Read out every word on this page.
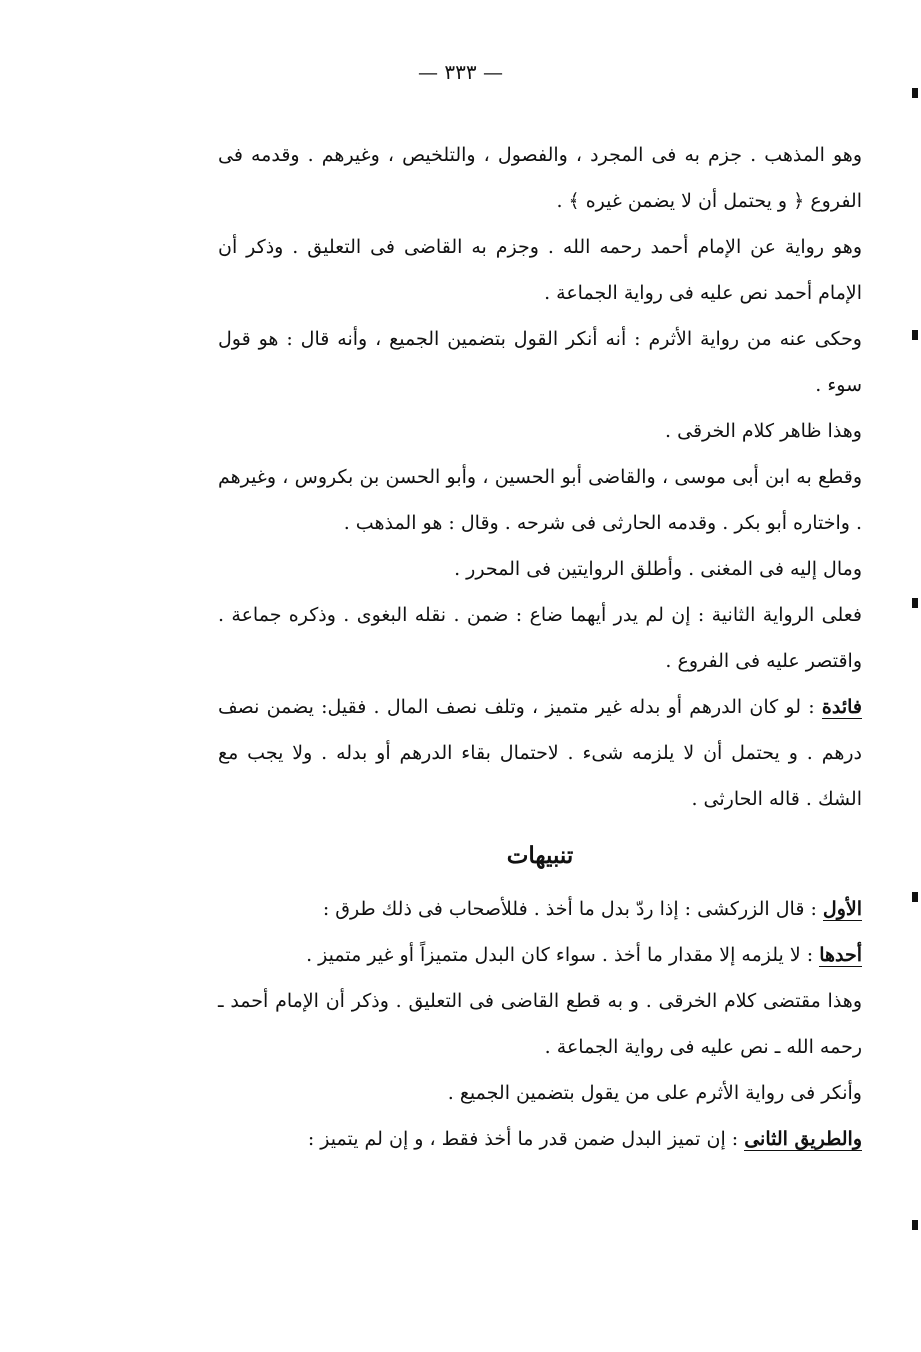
— ٣٣٣ —

وهو المذهب . جزم به فى المجرد ، والفصول ، والتلخيص ، وغيرهم . وقدمه فى الفروع ﴿ و يحتمل أن لا يضمن غيره ﴾ .

وهو رواية عن الإمام أحمد رحمه الله . وجزم به القاضى فى التعليق . وذكر أن الإمام أحمد نص عليه فى رواية الجماعة .

وحكى عنه من رواية الأثرم : أنه أنكر القول بتضمين الجميع ، وأنه قال : هو قول سوء .

وهذا ظاهر كلام الخرقى .

وقطع به ابن أبى موسى ، والقاضى أبو الحسين ، وأبو الحسن بن بكروس ، وغيرهم . واختاره أبو بكر . وقدمه الحارثى فى شرحه . وقال : هو المذهب .

ومال إليه فى المغنى . وأطلق الروايتين فى المحرر .

فعلى الرواية الثانية : إن لم يدر أيهما ضاع : ضمن . نقله البغوى . وذكره جماعة . واقتصر عليه فى الفروع .

فائدة : لو كان الدرهم أو بدله غير متميز ، وتلف نصف المال . فقيل: يضمن نصف درهم . و يحتمل أن لا يلزمه شىء . لاحتمال بقاء الدرهم أو بدله . ولا يجب مع الشك . قاله الحارثى .

تنبيهات

الأول : قال الزركشى : إذا ردّ بدل ما أخذ . فللأصحاب فى ذلك طرق :

أحدها : لا يلزمه إلا مقدار ما أخذ . سواء كان البدل متميزاً أو غير متميز .

وهذا مقتضى كلام الخرقى . و به قطع القاضى فى التعليق . وذكر أن الإمام أحمد ـ رحمه الله ـ نص عليه فى رواية الجماعة .

وأنكر فى رواية الأثرم على من يقول بتضمين الجميع .

والطريق الثانى : إن تميز البدل ضمن قدر ما أخذ فقط ، و إن لم يتميز :
